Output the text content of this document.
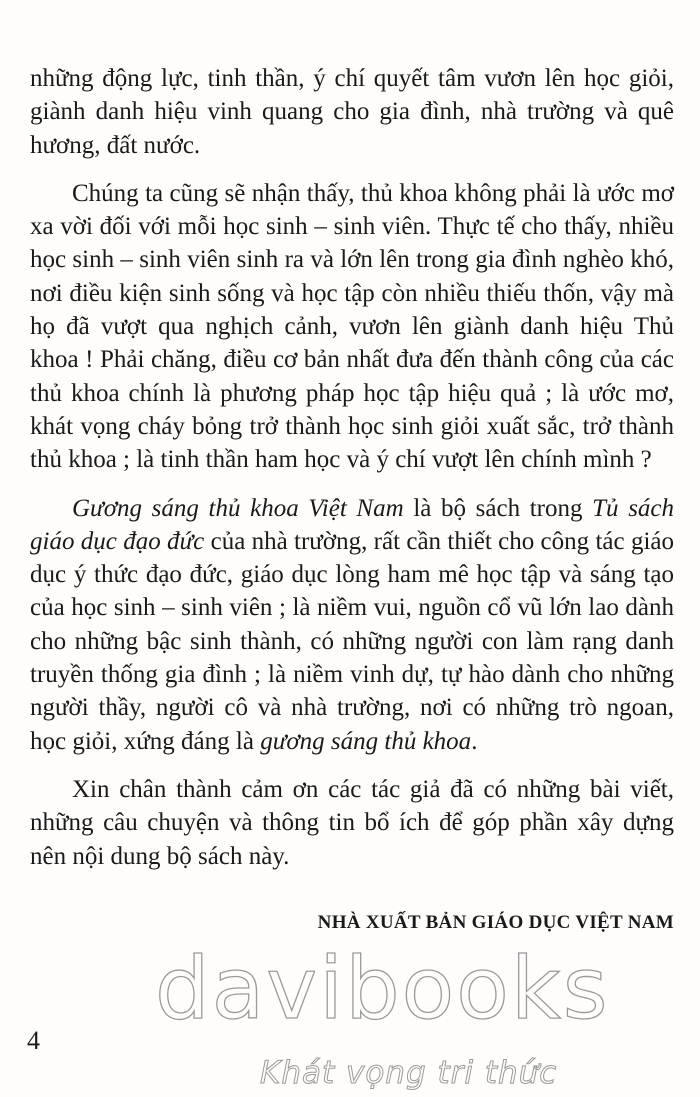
những động lực, tinh thần, ý chí quyết tâm vươn lên học giỏi, giành danh hiệu vinh quang cho gia đình, nhà trường và quê hương, đất nước.

Chúng ta cũng sẽ nhận thấy, thủ khoa không phải là ước mơ xa vời đối với mỗi học sinh – sinh viên. Thực tế cho thấy, nhiều học sinh – sinh viên sinh ra và lớn lên trong gia đình nghèo khó, nơi điều kiện sinh sống và học tập còn nhiều thiếu thốn, vậy mà họ đã vượt qua nghịch cảnh, vươn lên giành danh hiệu Thủ khoa ! Phải chăng, điều cơ bản nhất đưa đến thành công của các thủ khoa chính là phương pháp học tập hiệu quả ; là ước mơ, khát vọng cháy bỏng trở thành học sinh giỏi xuất sắc, trở thành thủ khoa ; là tinh thần ham học và ý chí vượt lên chính mình ?

Gương sáng thủ khoa Việt Nam là bộ sách trong Tủ sách giáo dục đạo đức của nhà trường, rất cần thiết cho công tác giáo dục ý thức đạo đức, giáo dục lòng ham mê học tập và sáng tạo của học sinh – sinh viên ; là niềm vui, nguồn cổ vũ lớn lao dành cho những bậc sinh thành, có những người con làm rạng danh truyền thống gia đình ; là niềm vinh dự, tự hào dành cho những người thầy, người cô và nhà trường, nơi có những trò ngoan, học giỏi, xứng đáng là gương sáng thủ khoa.

Xin chân thành cảm ơn các tác giả đã có những bài viết, những câu chuyện và thông tin bổ ích để góp phần xây dựng nên nội dung bộ sách này.

NHÀ XUẤT BẢN GIÁO DỤC VIỆT NAM
4
davibooks
Khát vọng tri thức
